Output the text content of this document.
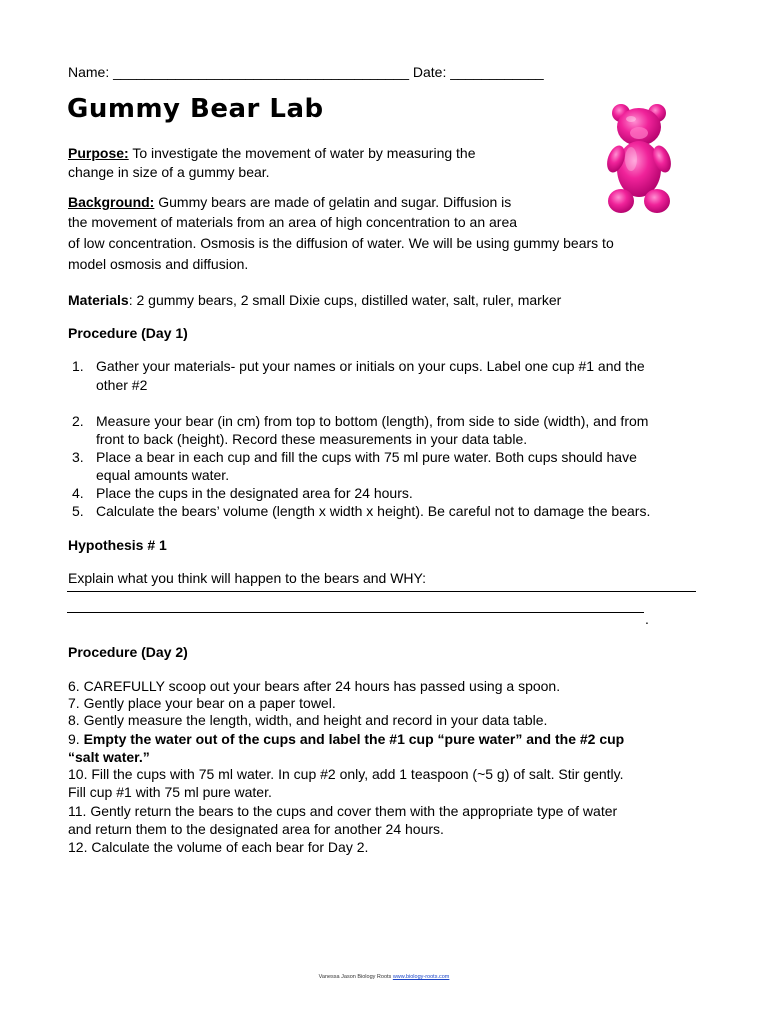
Name: ______________________________________ Date: ____________
Gummy Bear Lab
Purpose: To investigate the movement of water by measuring the
change in size of a gummy bear.
Background: Gummy bears are made of gelatin and sugar. Diffusion is
the movement of materials from an area of high concentration to an area
of low concentration. Osmosis is the diffusion of water. We will be using gummy bears to
model osmosis and diffusion.
Materials: 2 gummy bears, 2 small Dixie cups, distilled water, salt, ruler, marker
Procedure (Day 1)
1. Gather your materials- put your names or initials on your cups. Label one cup #1 and the
other #2
2. Measure your bear (in cm) from top to bottom (length), from side to side (width), and from
front to back (height). Record these measurements in your data table.
3. Place a bear in each cup and fill the cups with 75 ml pure water. Both cups should have
equal amounts water.
4. Place the cups in the designated area for 24 hours.
5. Calculate the bears’ volume (length x width x height). Be careful not to damage the bears.
Hypothesis # 1
Explain what you think will happen to the bears and WHY:
.
Procedure (Day 2)
6. CAREFULLY scoop out your bears after 24 hours has passed using a spoon.
7. Gently place your bear on a paper towel.
8. Gently measure the length, width, and height and record in your data table.
9. Empty the water out of the cups and label the #1 cup “pure water” and the #2 cup
“salt water.”
10. Fill the cups with 75 ml water. In cup #2 only, add 1 teaspoon (~5 g) of salt. Stir gently.
Fill cup #1 with 75 ml pure water.
11. Gently return the bears to the cups and cover them with the appropriate type of water
and return them to the designated area for another 24 hours.
12. Calculate the volume of each bear for Day 2.
Vanessa Jason Biology Roots www.biology-roots.com
